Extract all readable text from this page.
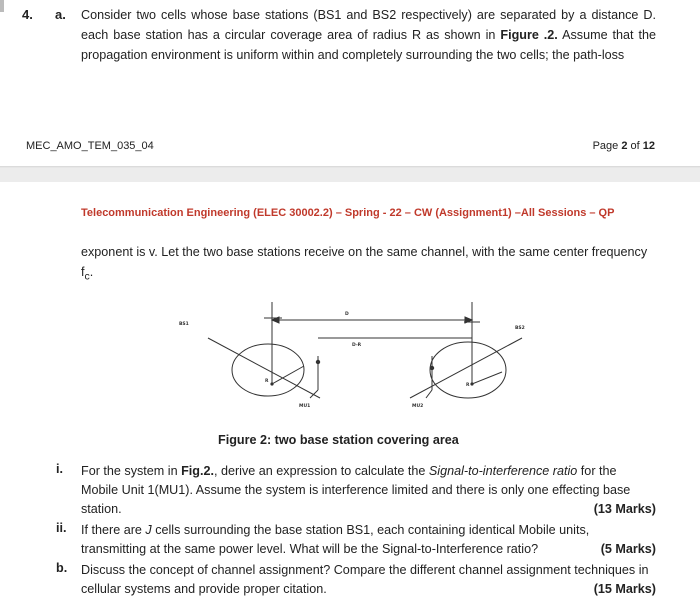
4. a. Consider two cells whose base stations (BS1 and BS2 respectively) are separated by a distance D. each base station has a circular coverage area of radius R as shown in Figure .2. Assume that the propagation environment is uniform within and completely surrounding the two cells; the path-loss
MEC_AMO_TEM_035_04	Page 2 of 12
Telecommunication Engineering (ELEC 30002.2) – Spring - 22 – CW (Assignment1) –All Sessions – QP
exponent is v. Let the two base stations receive on the same channel, with the same center frequency $f_c$.
BS1
BS2
D
D-R
R
R
MU1	MU2
Figure 2: two base station covering area
i. For the system in Fig.2., derive an expression to calculate the Signal-to-interference ratio for the Mobile Unit 1(MU1). Assume the system is interference limited and there is only one effecting base station.	(13 Marks)
ii. If there are J cells surrounding the base station BS1, each containing identical Mobile units, transmitting at the same power level. What will be the Signal-to-Interference ratio?	(5 Marks)
b. Discuss the concept of channel assignment? Compare the different channel assignment techniques in cellular systems and provide proper citation.	(15 Marks)
